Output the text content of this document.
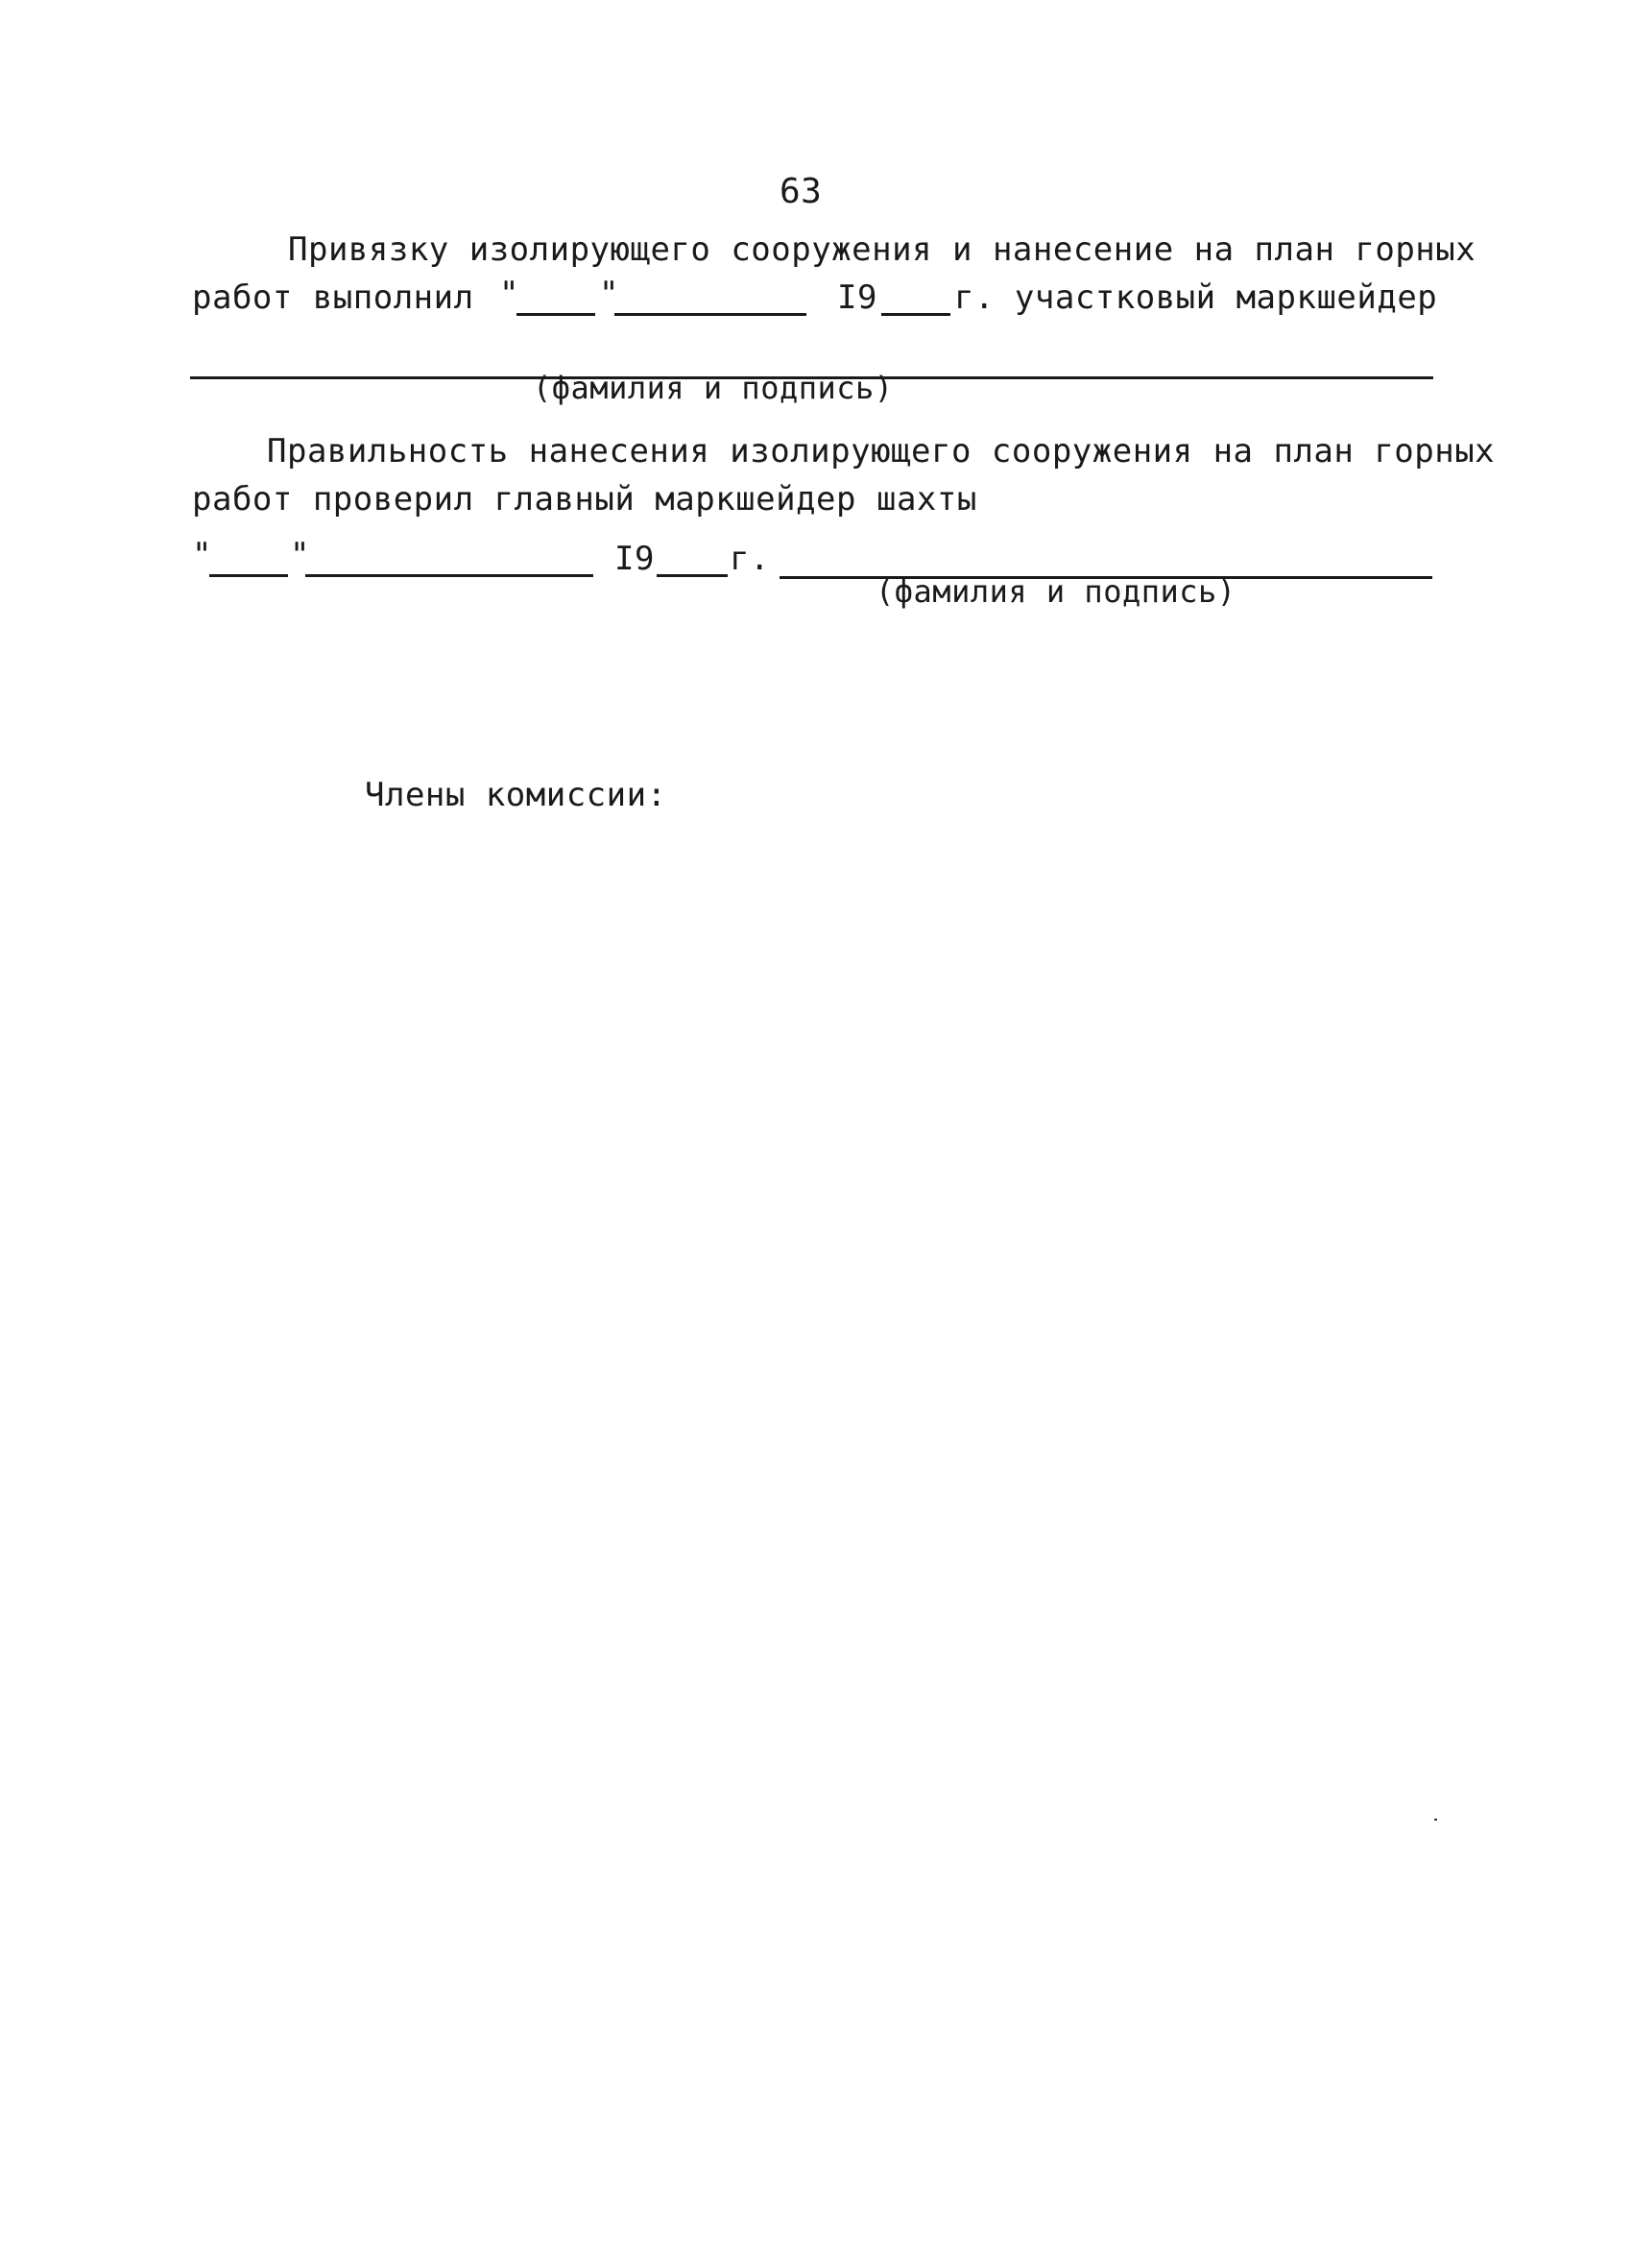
63
Привязку изолирующего сооружения и нанесение на план горных
работ выполнил " "	I9 г. участковый маркшейдер
(фамилия и подпись)
Правильность нанесения изолирующего сооружения на план горных
работ проверил главный маркшейдер шахты
" "	I9 г.
(фамилия и подпись)
Члены комиссии:
